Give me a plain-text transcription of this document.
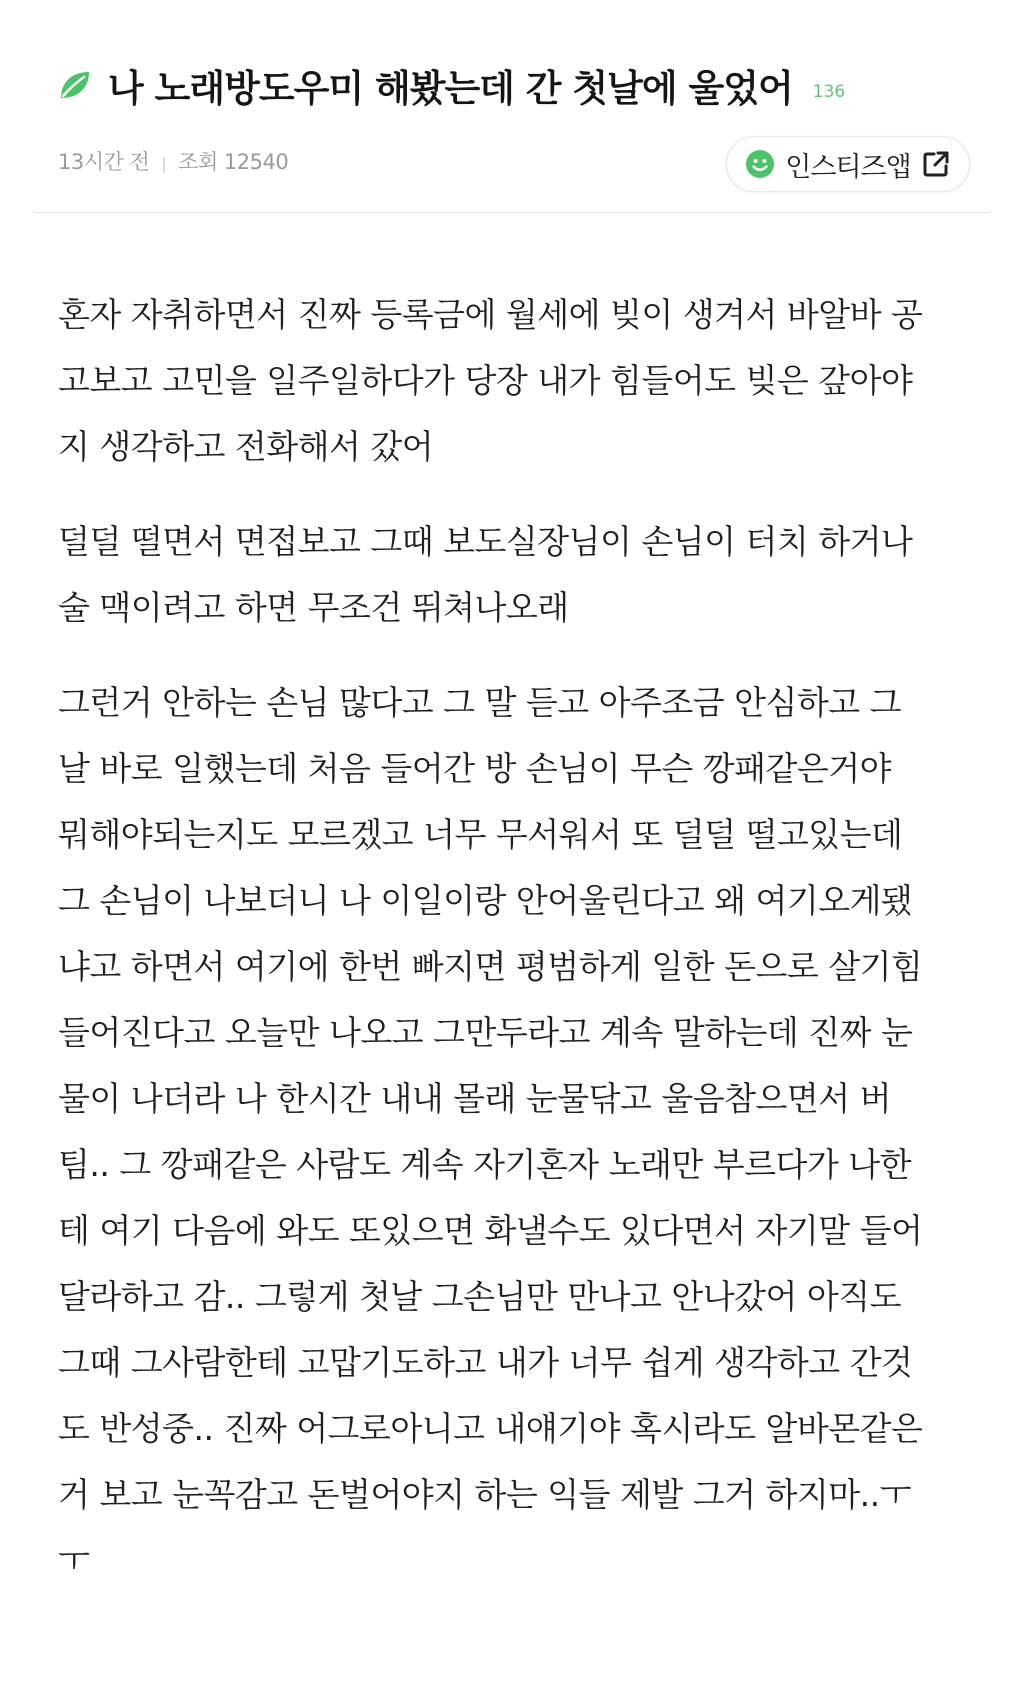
나 노래방도우미 해봤는데 간 첫날에 울었어 136
13시간 전 | 조회 12540	인스티즈앱
혼자 자취하면서 진짜 등록금에 월세에 빚이 생겨서 바알바 공
고보고 고민을 일주일하다가 당장 내가 힘들어도 빚은 갚아야
지 생각하고 전화해서 갔어
덜덜 떨면서 면접보고 그때 보도실장님이 손님이 터치 하거나
술 맥이려고 하면 무조건 뛰쳐나오래
그런거 안하는 손님 많다고 그 말 듣고 아주조금 안심하고 그
날 바로 일했는데 처음 들어간 방 손님이 무슨 깡패같은거야
뭐해야되는지도 모르겠고 너무 무서워서 또 덜덜 떨고있는데
그 손님이 나보더니 나 이일이랑 안어울린다고 왜 여기오게됐
냐고 하면서 여기에 한번 빠지면 평범하게 일한 돈으로 살기힘
들어진다고 오늘만 나오고 그만두라고 계속 말하는데 진짜 눈
물이 나더라 나 한시간 내내 몰래 눈물닦고 울음참으면서 버
팀.. 그 깡패같은 사람도 계속 자기혼자 노래만 부르다가 나한
테 여기 다음에 와도 또있으면 화낼수도 있다면서 자기말 들어
달라하고 감.. 그렇게 첫날 그손님만 만나고 안나갔어 아직도
그때 그사람한테 고맙기도하고 내가 너무 쉽게 생각하고 간것
도 반성중.. 진짜 어그로아니고 내얘기야 혹시라도 알바몬같은
거 보고 눈꼭감고 돈벌어야지 하는 익들 제발 그거 하지마..ㅜ
ㅜ
